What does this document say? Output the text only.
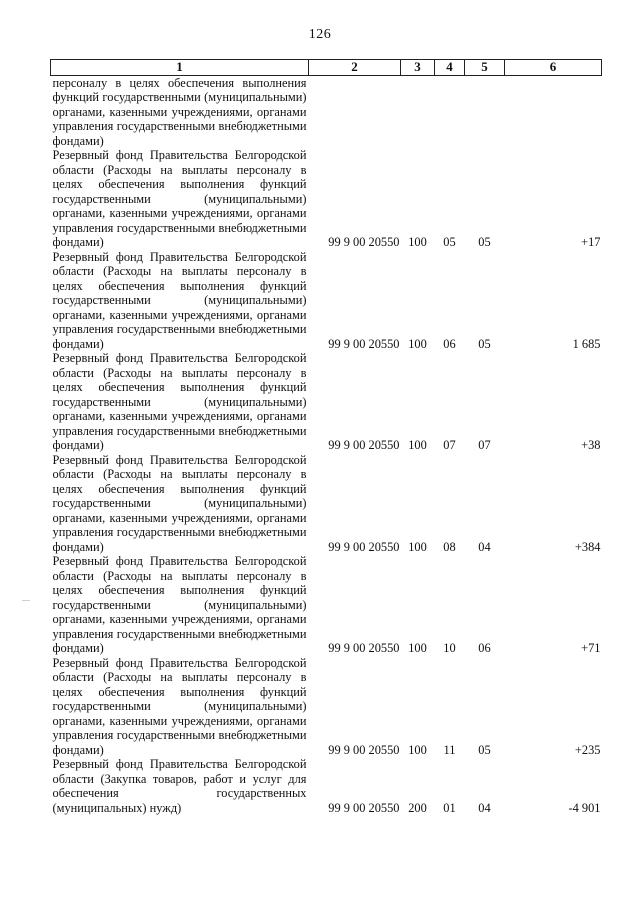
126
1	2	3	4	5	6
персоналу в целях обеспечения выполнения функций государственными (муниципальными) органами, казенными учреждениями, органами управления государственными внебюджетными фондами)					
Резервный фонд Правительства Белгородской области (Расходы на выплаты персоналу в целях обеспечения выполнения функций государственными (муниципальными) органами, казенными учреждениями, органами управления государственными внебюджетными фондами)	99 9 00 20550	100	05	05	+17
Резервный фонд Правительства Белгородской области (Расходы на выплаты персоналу в целях обеспечения выполнения функций государственными (муниципальными) органами, казенными учреждениями, органами управления государственными внебюджетными фондами)	99 9 00 20550	100	06	05	1 685
Резервный фонд Правительства Белгородской области (Расходы на выплаты персоналу в целях обеспечения выполнения функций государственными (муниципальными) органами, казенными учреждениями, органами управления государственными внебюджетными фондами)	99 9 00 20550	100	07	07	+38
Резервный фонд Правительства Белгородской области (Расходы на выплаты персоналу в целях обеспечения выполнения функций государственными (муниципальными) органами, казенными учреждениями, органами управления государственными внебюджетными фондами)	99 9 00 20550	100	08	04	+384
Резервный фонд Правительства Белгородской области (Расходы на выплаты персоналу в целях обеспечения выполнения функций государственными (муниципальными) органами, казенными учреждениями, органами управления государственными внебюджетными фондами)	99 9 00 20550	100	10	06	+71
Резервный фонд Правительства Белгородской области (Расходы на выплаты персоналу в целях обеспечения выполнения функций государственными (муниципальными) органами, казенными учреждениями, органами управления государственными внебюджетными фондами)	99 9 00 20550	100	11	05	+235
Резервный фонд Правительства Белгородской области (Закупка товаров, работ и услуг для обеспечения государственных (муниципальных) нужд)	99 9 00 20550	200	01	04	-4 901
